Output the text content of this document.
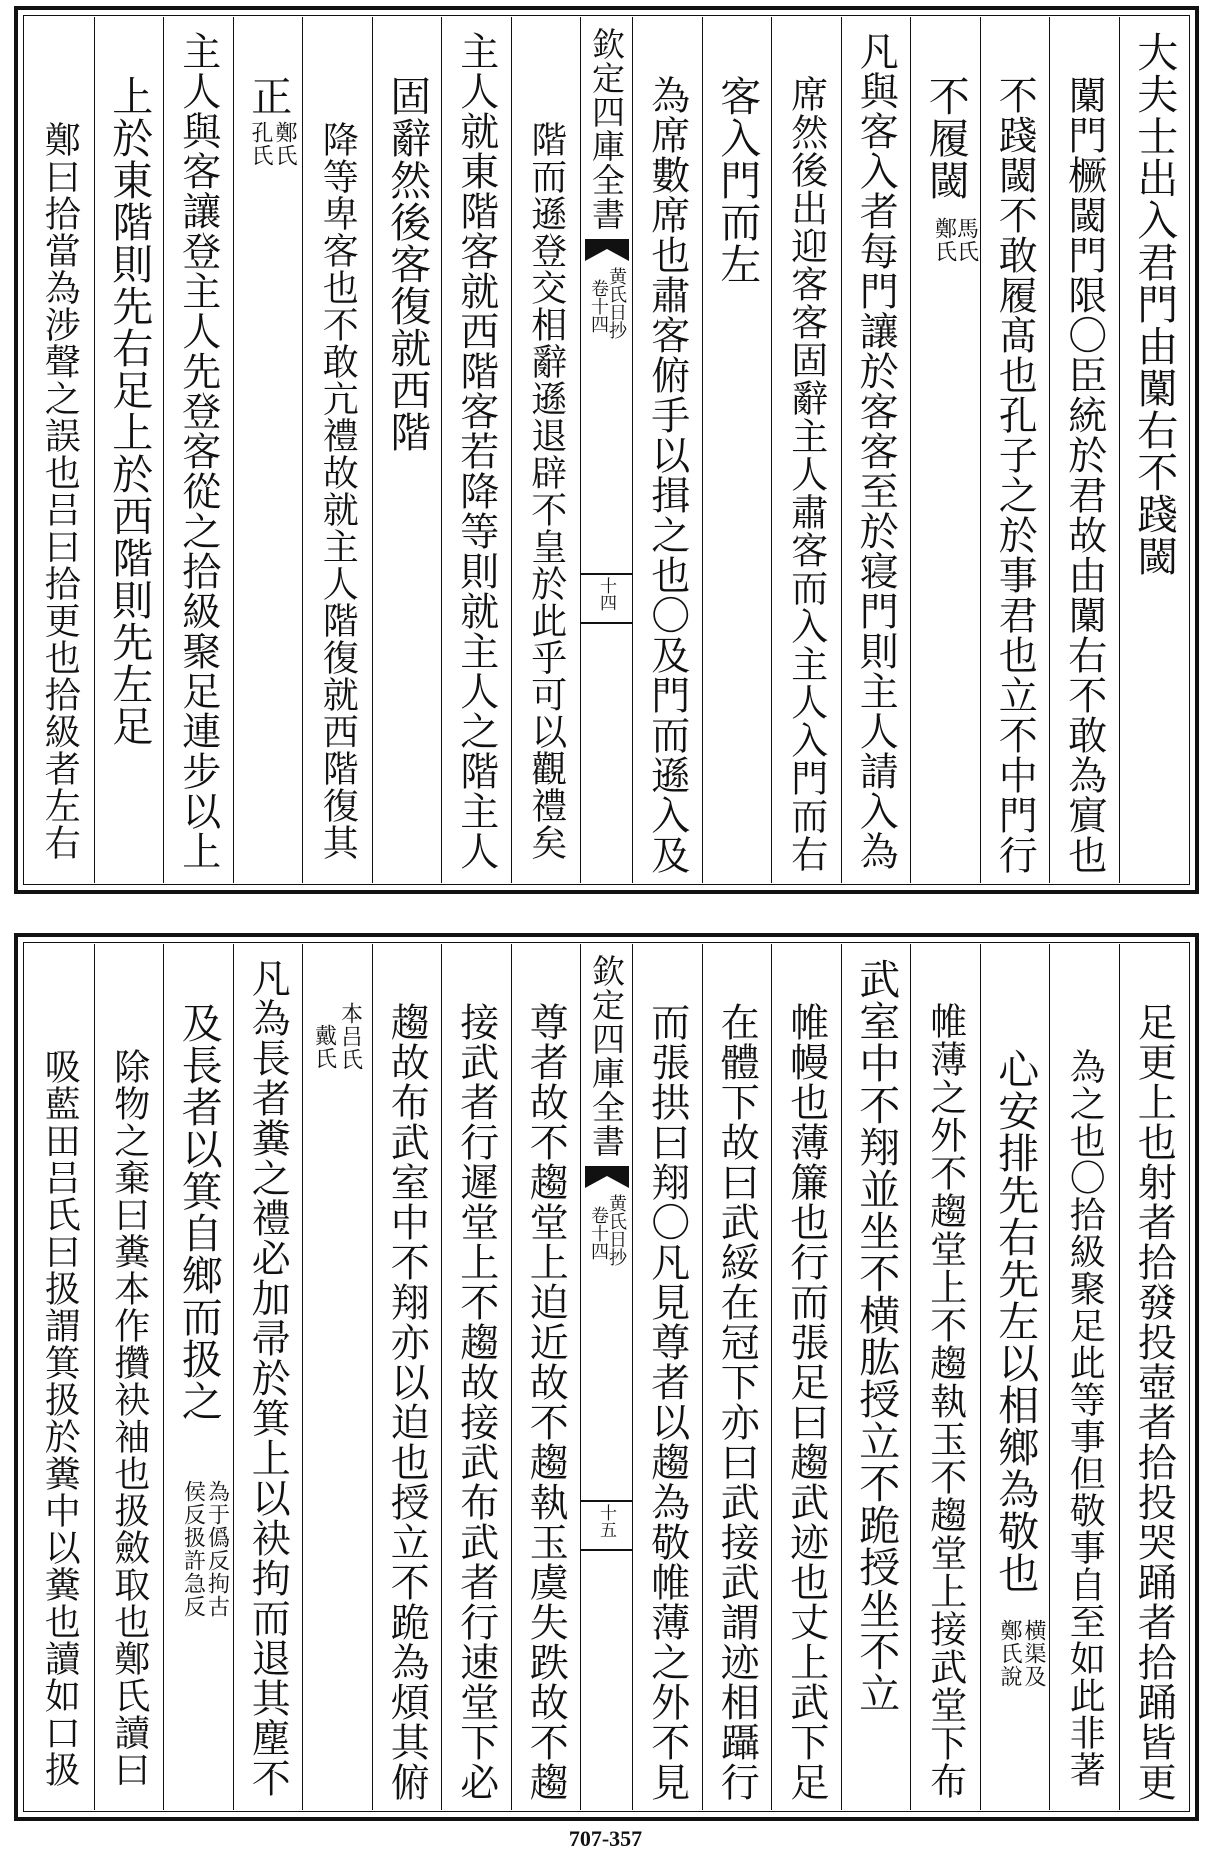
大夫士出入君門由闑右不踐閾
闑門橛閾門限〇臣統於君故由闑右不敢為賔也
不踐閾不敢履髙也孔子之於事君也立不中門行
不履閾
鄭氏
馬氏
凡與客入者每門讓於客客至於寝門則主人請入為
席然後出迎客客固辭主人肅客而入主人入門而右
客入門而左
為席數席也肅客俯手以揖之也〇及門而遜入及
欽定四庫全書
黄氏日抄
卷十四
十四
階而遜登交相辭遜退辟不皇於此乎可以觀禮矣
主人就東階客就西階客若降等則就主人之階主人
固辭然後客復就西階
降等卑客也不敢亢禮故就主人階復就西階復其
正
鄭氏
孔氏
主人與客讓登主人先登客從之拾級聚足連步以上
上於東階則先右足上於西階則先左足
鄭曰拾當為涉聲之誤也吕曰拾更也拾級者左右
足更上也射者拾發投壺者拾投哭踊者拾踊皆更
為之也〇拾級聚足此等事但敬事自至如此非著
心安排先右先左以相鄉為敬也
横渠及
鄭氏說
帷薄之外不趨堂上不趨執玉不趨堂上接武堂下布
武室中不翔並坐不横肱授立不跪授坐不立
帷幔也薄簾也行而張足曰趨武迹也丈上武下足
在體下故曰武綏在冠下亦曰武接武謂迹相躡行
而張拱曰翔〇凡見尊者以趨為敬帷薄之外不見
欽定四庫全書
黄氏日抄
卷十四
十五
尊者故不趨堂上迫近故不趨執玉虞失跌故不趨
接武者行遲堂上不趨故接武布武者行速堂下必
趨故布武室中不翔亦以迫也授立不跪為煩其俯
本吕氏
戴氏
凡為長者糞之禮必加帚於箕上以袂拘而退其塵不
及長者以箕自鄉而扱之
為于僞反拘古
侯反扱許急反
除物之棄曰糞本作攢袂袖也扱斂取也鄭氏讀曰
吸藍田吕氏曰扱謂箕扱於糞中以糞也讀如口扱
707-357
